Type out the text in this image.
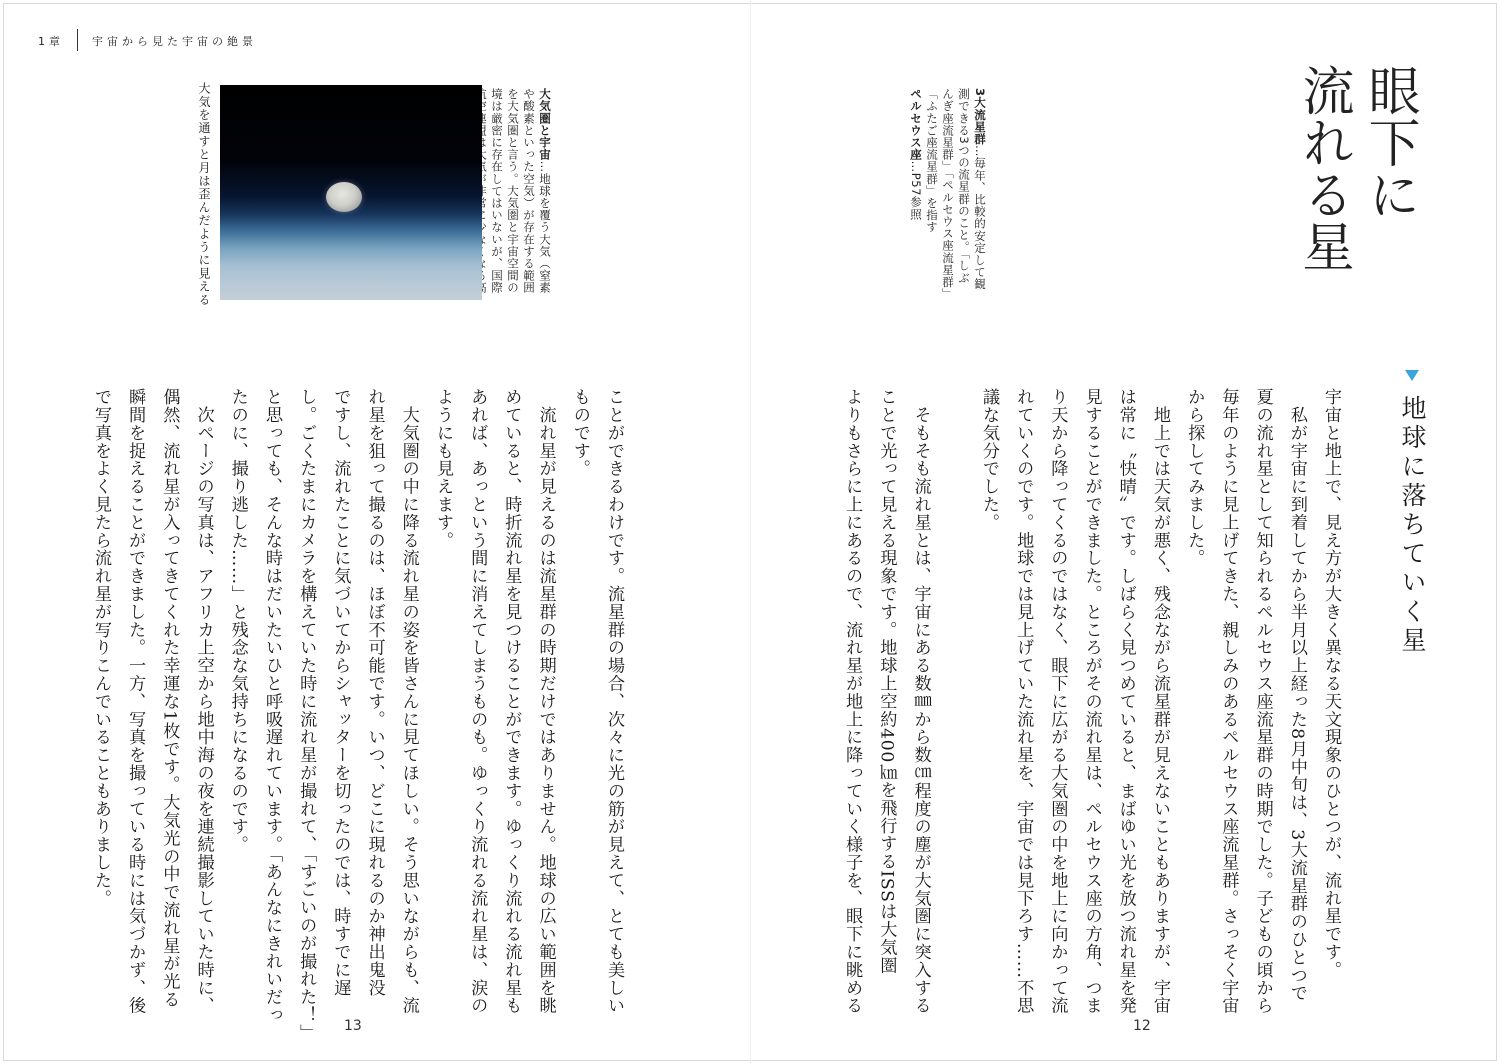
1章	宇宙から見た宇宙の絶景
眼下に
流れる星
3大流星群…毎年、比較的安定して観
測できる3つの流星群のこと。「しぶ
んぎ座流星群」「ペルセウス座流星群」
「ふたご座流星群」を指す
ペルセウス座…P57参照
地球に落ちていく星
宇宙と地上で、見え方が大きく異なる天文現象のひとつが、流れ星です。
　私が宇宙に到着してから半月以上経った8月中旬は、3大流星群のひとつで
夏の流れ星として知られるペルセウス座流星群の時期でした。子どもの頃から
毎年のように見上げてきた、親しみのあるペルセウス座流星群。さっそく宇宙
から探してみました。
　地上では天気が悪く、残念ながら流星群が見えないこともありますが、宇宙
は常に〝快晴〟です。しばらく見つめていると、まばゆい光を放つ流れ星を発
見することができました。ところがその流れ星は、ペルセウス座の方角、つま
り天から降ってくるのではなく、眼下に広がる大気圏の中を地上に向かって流
れていくのです。地球では見上げていた流れ星を、宇宙では見下ろす……不思
議な気分でした。

　そもそも流れ星とは、宇宙にある数㎜から数㎝程度の塵が大気圏に突入する
ことで光って見える現象です。地球上空約400㎞を飛行するISSは大気圏
よりもさらに上にあるので、流れ星が地上に降っていく様子を、眼下に眺める
大気圏と宇宙…地球を覆う大気（窒素
や酸素といった空気）が存在する範囲
を大気圏と言う。大気圏と宇宙空間の
境は厳密に存在してはいないが、国際

大気を通すと月は歪んだように見える
ことができるわけです。流星群の場合、次々に光の筋が見えて、とても美しい
ものです。
　流れ星が見えるのは流星群の時期だけではありません。地球の広い範囲を眺
めていると、時折流れ星を見つけることができます。ゆっくり流れる流れ星も
あれば、あっという間に消えてしまうものも。ゆっくり流れる流れ星は、涙の
ようにも見えます。
　大気圏の中に降る流れ星の姿を皆さんに見てほしい。そう思いながらも、流
れ星を狙って撮るのは、ほぼ不可能です。いつ、どこに現れるのか神出鬼没
ですし、流れたことに気づいてからシャッターを切ったのでは、時すでに遅
し。ごくたまにカメラを構えていた時に流れ星が撮れて、「すごいのが撮れた！」
と思っても、そんな時はだいたいひと呼吸遅れています。「あんなにきれいだっ
たのに、撮り逃した……」と残念な気持ちになるのです。
　次ページの写真は、アフリカ上空から地中海の夜を連続撮影していた時に、
偶然、流れ星が入ってきてくれた幸運な1枚です。大気光の中で流れ星が光る
瞬間を捉えることができました。一方、写真を撮っている時には気づかず、後
で写真をよく見たら流れ星が写りこんでいることもありました。
13	12
